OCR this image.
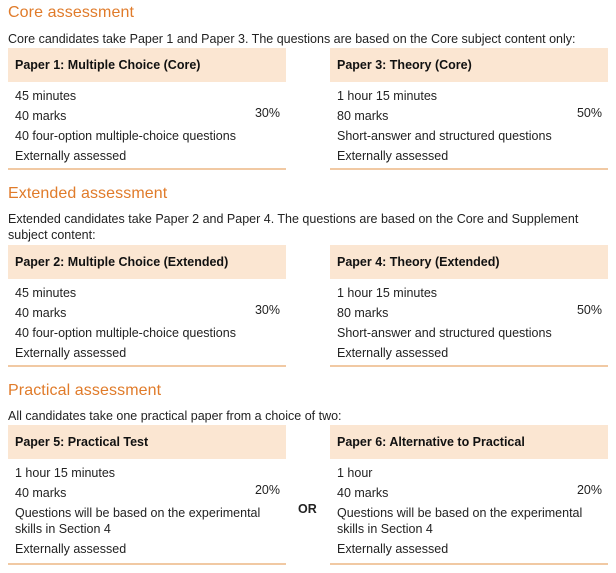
Core assessment
Core candidates take Paper 1 and Paper 3. The questions are based on the Core subject content only:
Paper 1: Multiple Choice (Core)
45 minutes
40 marks
40 four-option multiple-choice questions
Externally assessed
30%
Paper 3: Theory (Core)
1 hour 15 minutes
80 marks
Short-answer and structured questions
Externally assessed
50%
Extended assessment
Extended candidates take Paper 2 and Paper 4. The questions are based on the Core and Supplement subject content:
Paper 2: Multiple Choice (Extended)
45 minutes
40 marks
40 four-option multiple-choice questions
Externally assessed
30%
Paper 4: Theory (Extended)
1 hour 15 minutes
80 marks
Short-answer and structured questions
Externally assessed
50%
Practical assessment
All candidates take one practical paper from a choice of two:
Paper 5: Practical Test
1 hour 15 minutes
40 marks
Questions will be based on the experimental skills in Section 4
Externally assessed
20%
OR
Paper 6: Alternative to Practical
1 hour
40 marks
Questions will be based on the experimental skills in Section 4
Externally assessed
20%
